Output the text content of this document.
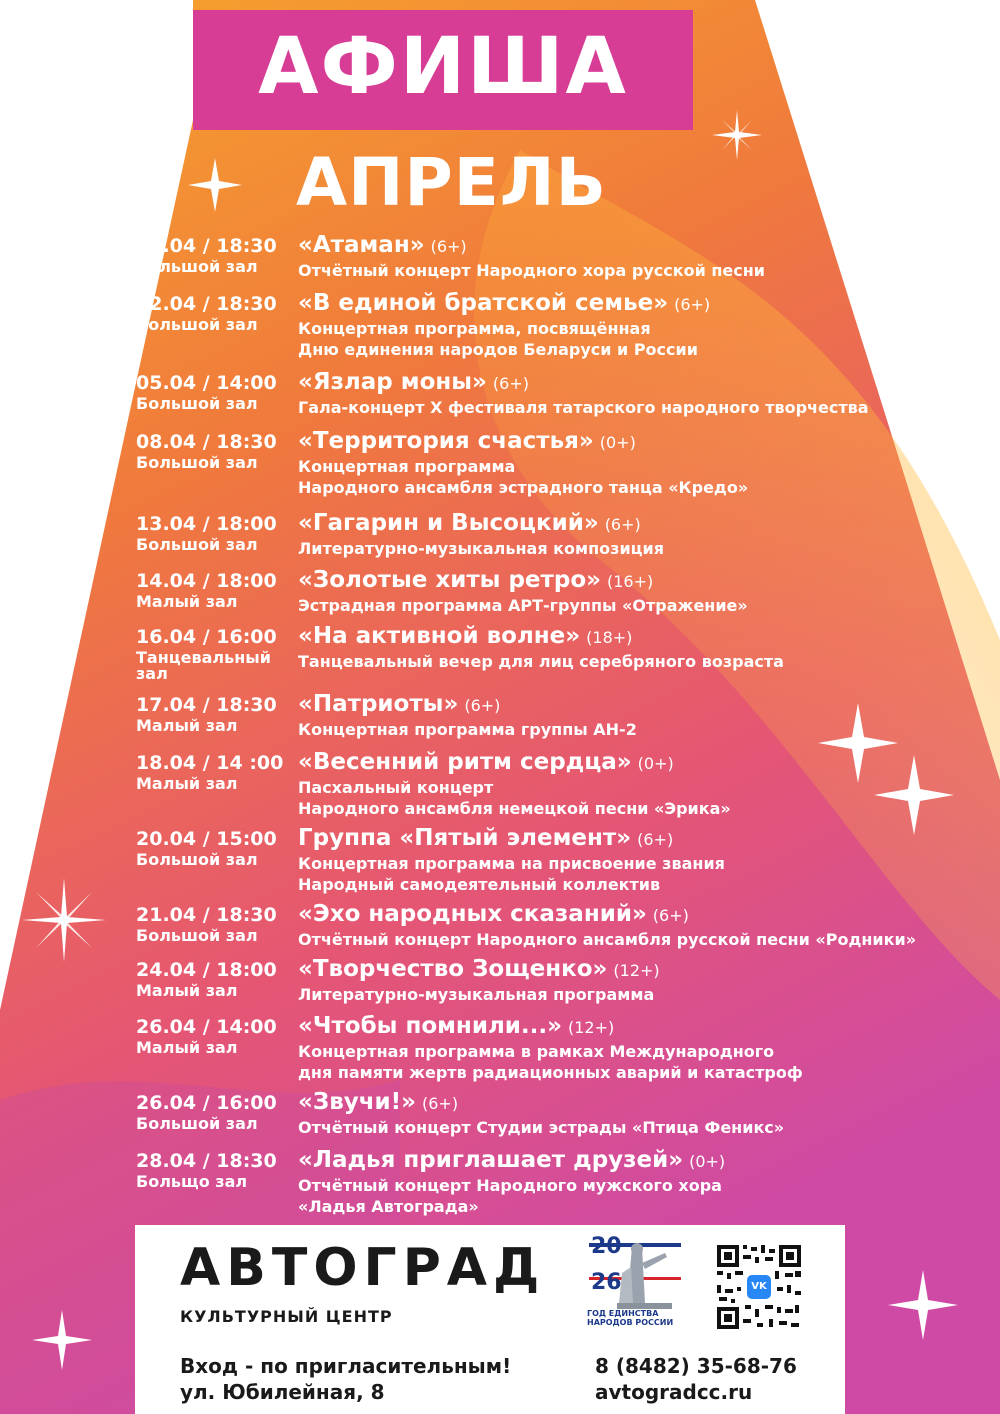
АФИША
АПРЕЛЬ
01.04 / 18:30
Большой зал
«Атаман» (6+)
Отчётный концерт Народного хора русской песни
02.04 / 18:30
Большой зал
«В единой братской семье» (6+)
Концертная программа, посвящённая
Дню единения народов Беларуси и России
05.04 / 14:00
Большой зал
«Язлар моны» (6+)
Гала-концерт X фестиваля татарского народного творчества
08.04 / 18:30
Большой зал
«Территория счастья» (0+)
Концертная программа
Народного ансамбля эстрадного танца «Кредо»
13.04 / 18:00
Большой зал
«Гагарин и Высоцкий» (6+)
Литературно-музыкальная композиция
14.04 / 18:00
Малый зал
«Золотые хиты ретро» (16+)
Эстрадная программа АРТ-группы «Отражение»
16.04 / 16:00
Танцевальный зал
«На активной волне» (18+)
Танцевальный вечер для лиц серебряного возраста
17.04 / 18:30
Малый зал
«Патриоты» (6+)
Концертная программа группы АН-2
18.04 / 14 :00
Малый зал
«Весенний ритм сердца» (0+)
Пасхальный концерт
Народного ансамбля немецкой песни «Эрика»
20.04 / 15:00
Большой зал
Группа «Пятый элемент» (6+)
Концертная программа на присвоение звания
Народный самодеятельный коллектив
21.04 / 18:30
Большой зал
«Эхо народных сказаний» (6+)
Отчётный концерт Народного ансамбля русской песни «Родники»
24.04 / 18:00
Малый зал
«Творчество Зощенко» (12+)
Литературно-музыкальная программа
26.04 / 14:00
Малый зал
«Чтобы помнили...» (12+)
Концертная программа в рамках Международного
дня памяти жертв радиационных аварий и катастроф
26.04 / 16:00
Большой зал
«Звучи!» (6+)
Отчётный концерт Студии эстрады «Птица Феникс»
28.04 / 18:30
Больщо зал
«Ладья приглашает друзей» (0+)
Отчётный концерт Народного мужского хора
«Ладья Автограда»
АВТОГРАД
КУЛЬТУРНЫЙ ЦЕНТР
20
26
ГОД ЕДИНСТВА НАРОДОВ РОССИИ
VK
Вход - по пригласительным!
ул. Юбилейная, 8
8 (8482) 35-68-76
avtogradcc.ru
